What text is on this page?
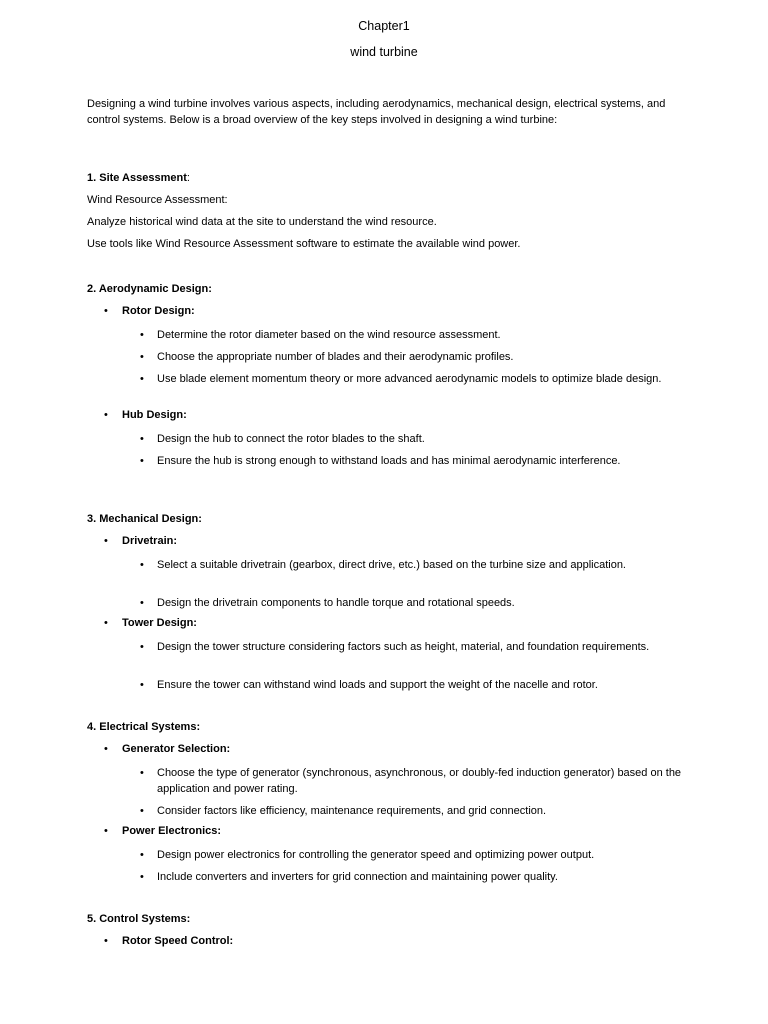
Chapter1
wind turbine
Designing a wind turbine involves various aspects, including aerodynamics, mechanical design, electrical systems, and control systems. Below is a broad overview of the key steps involved in designing a wind turbine:
1. Site Assessment:
Wind Resource Assessment:
Analyze historical wind data at the site to understand the wind resource.
Use tools like Wind Resource Assessment software to estimate the available wind power.
2. Aerodynamic Design:
• Rotor Design:
• Determine the rotor diameter based on the wind resource assessment.
• Choose the appropriate number of blades and their aerodynamic profiles.
• Use blade element momentum theory or more advanced aerodynamic models to optimize blade design.
• Hub Design:
• Design the hub to connect the rotor blades to the shaft.
• Ensure the hub is strong enough to withstand loads and has minimal aerodynamic interference.
3. Mechanical Design:
• Drivetrain:
• Select a suitable drivetrain (gearbox, direct drive, etc.) based on the turbine size and application.
• Design the drivetrain components to handle torque and rotational speeds.
• Tower Design:
• Design the tower structure considering factors such as height, material, and foundation requirements.
• Ensure the tower can withstand wind loads and support the weight of the nacelle and rotor.
4. Electrical Systems:
• Generator Selection:
• Choose the type of generator (synchronous, asynchronous, or doubly-fed induction generator) based on the application and power rating.
• Consider factors like efficiency, maintenance requirements, and grid connection.
• Power Electronics:
• Design power electronics for controlling the generator speed and optimizing power output.
• Include converters and inverters for grid connection and maintaining power quality.
5. Control Systems:
• Rotor Speed Control:
